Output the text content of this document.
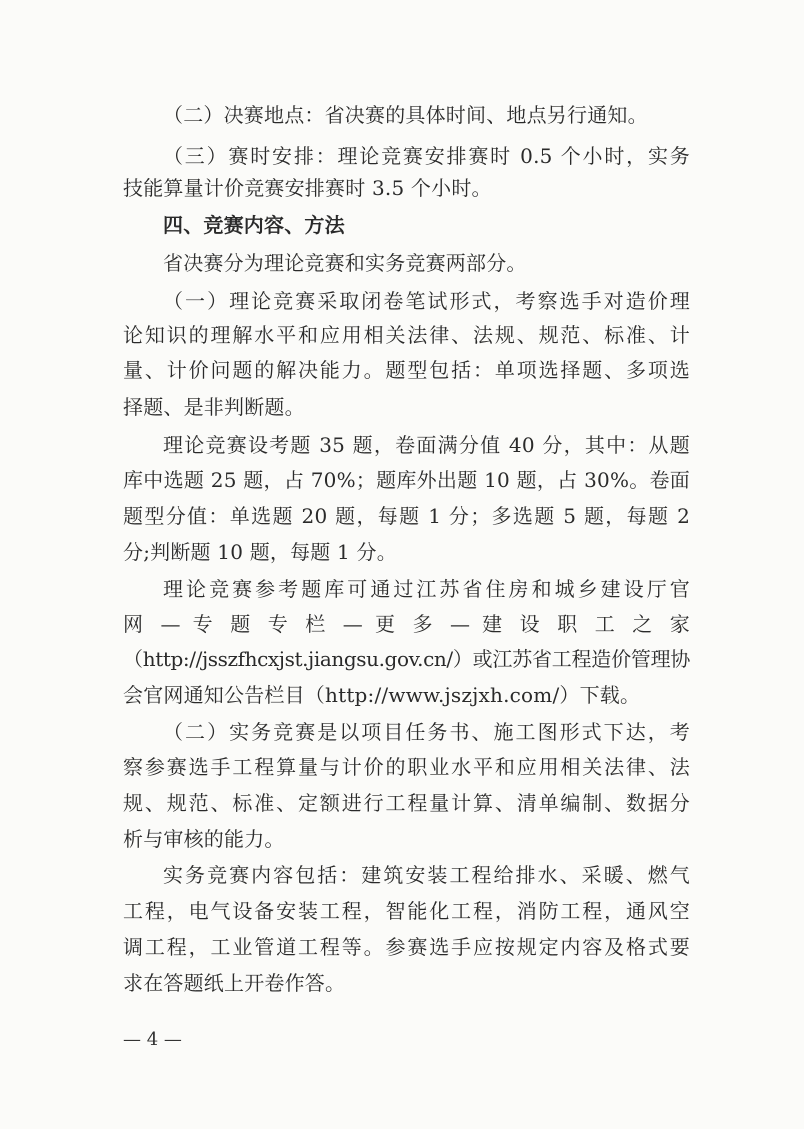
（二）决赛地点：省决赛的具体时间、地点另行通知。
（三）赛时安排：理论竞赛安排赛时 0.5 个小时，实务
技能算量计价竞赛安排赛时 3.5 个小时。
四、竞赛内容、方法
省决赛分为理论竞赛和实务竞赛两部分。
（一）理论竞赛采取闭卷笔试形式，考察选手对造价理
论知识的理解水平和应用相关法律、法规、规范、标准、计
量、计价问题的解决能力。题型包括：单项选择题、多项选
择题、是非判断题。
理论竞赛设考题 35 题，卷面满分值 40 分，其中：从题
库中选题 25 题，占 70%；题库外出题 10 题，占 30%。卷面
题型分值：单选题 20 题，每题 1 分；多选题 5 题，每题 2
分;判断题 10 题，每题 1 分。
理论竞赛参考题库可通过江苏省住房和城乡建设厅官
网 — 专 题 专 栏 — 更 多 — 建 设 职 工 之 家
（http://jsszfhcxjst.jiangsu.gov.cn/）或江苏省工程造价管理协
会官网通知公告栏目（http://www.jszjxh.com/）下载。
（二）实务竞赛是以项目任务书、施工图形式下达，考
察参赛选手工程算量与计价的职业水平和应用相关法律、法
规、规范、标准、定额进行工程量计算、清单编制、数据分
析与审核的能力。
实务竞赛内容包括：建筑安装工程给排水、采暖、燃气
工程，电气设备安装工程，智能化工程，消防工程，通风空
调工程，工业管道工程等。参赛选手应按规定内容及格式要
求在答题纸上开卷作答。
— 4 —
